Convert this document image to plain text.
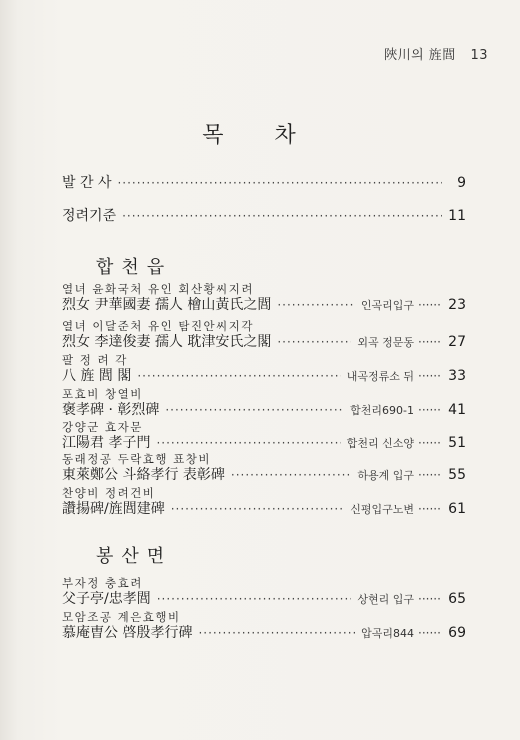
陜川의 旌閭 13
목 차
발 간 사 ·····	9
정려기준 ·····	11
합천읍
열녀 윤화국처 유인 회산황씨지려
烈女 尹華國妻 孺人 檜山黃氏之閭 ·····	인곡리입구 ····· 23
열녀 이달준처 유인 탐진안씨지각
烈女 李達俊妻 孺人 耽津安氏之閣 ·····	외곡 정문동 ····· 27
팔 정 려 각
八 旌 閭 閣 ·····	내곡정류소 뒤 ····· 33
포효비 창열비
褒孝碑 · 彰烈碑 ·····	합천리690-1 ····· 41
강양군 효자문
江陽君 孝子門 ·····	합천리 신소양 ····· 51
동래정공 두락효행 표창비
東萊鄭公 斗絡孝行 表彰碑 ·····	하용계 입구 ····· 55
찬양비 정려건비
讚揚碑/旌閭建碑 ·····	신평입구노변 ····· 61
봉산면
부자정 충효려
父子亭/忠孝閭 ·····	상현리 입구 ····· 65
모암조공 계은효행비
慕庵曺公 啓殷孝行碑 ·····	압곡리844 ····· 69
